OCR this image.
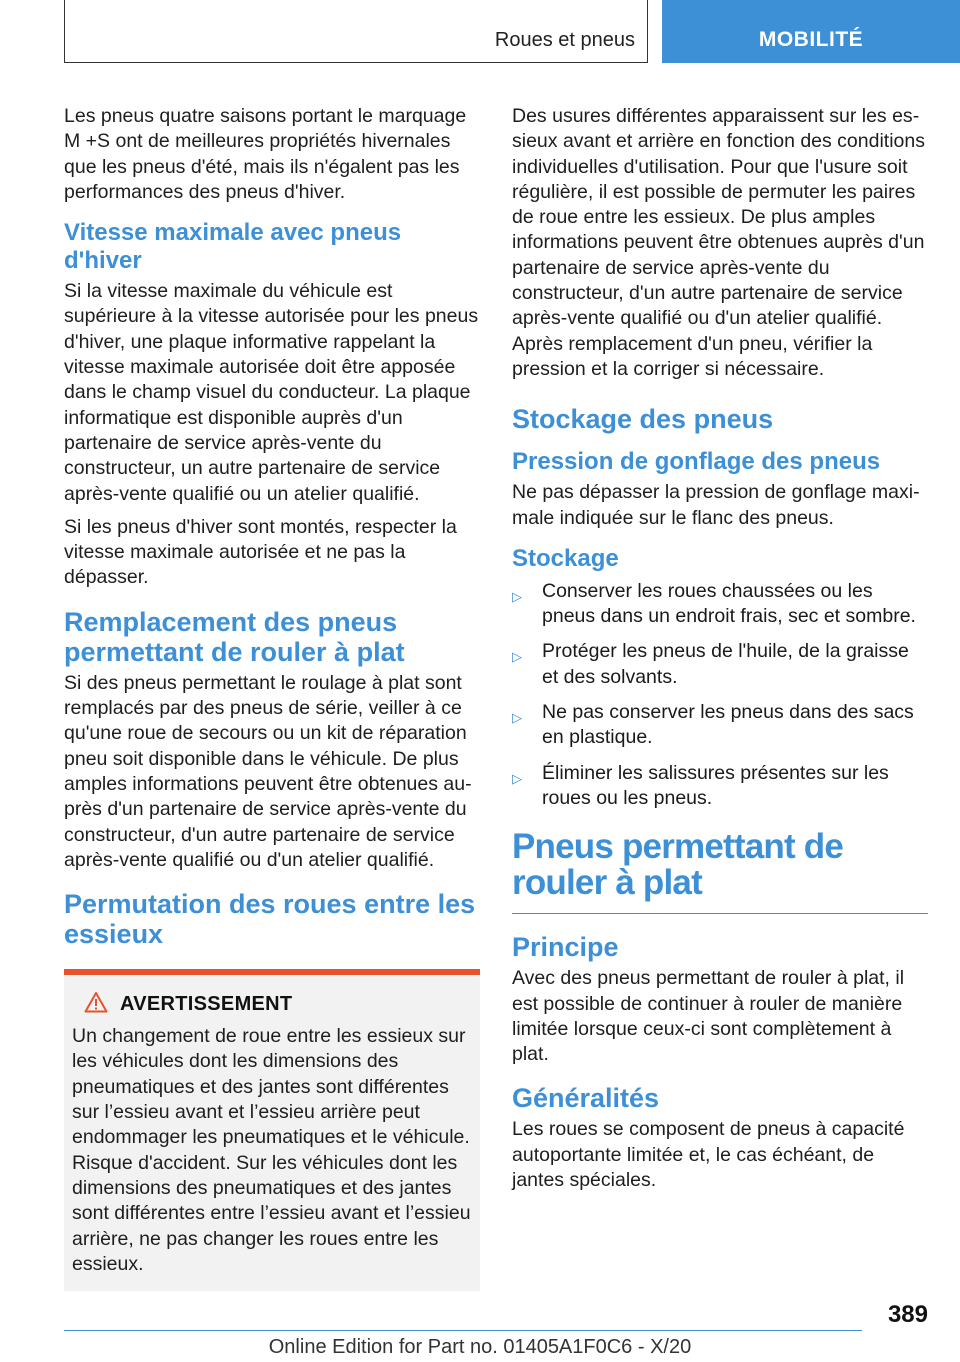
Roues et pneus	MOBILITÉ

Les pneus quatre saisons portant le marquage M +S ont de meilleures propriétés hivernales que les pneus d'été, mais ils n'égalent pas les performances des pneus d'hiver.

Vitesse maximale avec pneus d'hiver

Si la vitesse maximale du véhicule est supérieure à la vitesse autorisée pour les pneus d'hiver, une plaque informative rappelant la vitesse maximale autorisée doit être apposée dans le champ visuel du conducteur. La plaque informatique est disponible auprès d'un partenaire de service après-vente du constructeur, un autre partenaire de service après-vente qualifié ou un atelier qualifié.

Si les pneus d'hiver sont montés, respecter la vitesse maximale autorisée et ne pas la dépasser.

Remplacement des pneus permettant de rouler à plat

Si des pneus permettant le roulage à plat sont remplacés par des pneus de série, veiller à ce qu'une roue de secours ou un kit de réparation pneu soit disponible dans le véhicule. De plus amples informations peuvent être obtenues auprès d'un partenaire de service après-vente du constructeur, d'un autre partenaire de service après-vente qualifié ou d'un atelier qualifié.

Permutation des roues entre les essieux
AVERTISSEMENT

Un changement de roue entre les essieux sur les véhicules dont les dimensions des pneumatiques et des jantes sont différentes sur l’essieu avant et l’essieu arrière peut endommager les pneumatiques et le véhicule. Risque d'accident. Sur les véhicules dont les dimensions des pneumatiques et des jantes sont différentes entre l’essieu avant et l’essieu arrière, ne pas changer les roues entre les essieux.

Des usures différentes apparaissent sur les essieux avant et arrière en fonction des conditions individuelles d'utilisation. Pour que l'usure soit régulière, il est possible de permuter les paires de roue entre les essieux. De plus amples informations peuvent être obtenues auprès d'un partenaire de service après-vente du constructeur, d'un autre partenaire de service après-vente qualifié ou d'un atelier qualifié. Après remplacement d'un pneu, vérifier la pression et la corriger si nécessaire.

Stockage des pneus
Pression de gonflage des pneus

Ne pas dépasser la pression de gonflage maximale indiquée sur le flanc des pneus.

Stockage
▷	Conserver les roues chaussées ou les pneus dans un endroit frais, sec et sombre.
▷	Protéger les pneus de l'huile, de la graisse et des solvants.
▷	Ne pas conserver les pneus dans des sacs en plastique.
▷	Éliminer les salissures présentes sur les roues ou les pneus.
Pneus permettant de rouler à plat
Principe

Avec des pneus permettant de rouler à plat, il est possible de continuer à rouler de manière limitée lorsque ceux-ci sont complètement à plat.

Généralités

Les roues se composent de pneus à capacité autoportante limitée et, le cas échéant, de jantes spéciales.

389
Online Edition for Part no. 01405A1F0C6 - X/20
